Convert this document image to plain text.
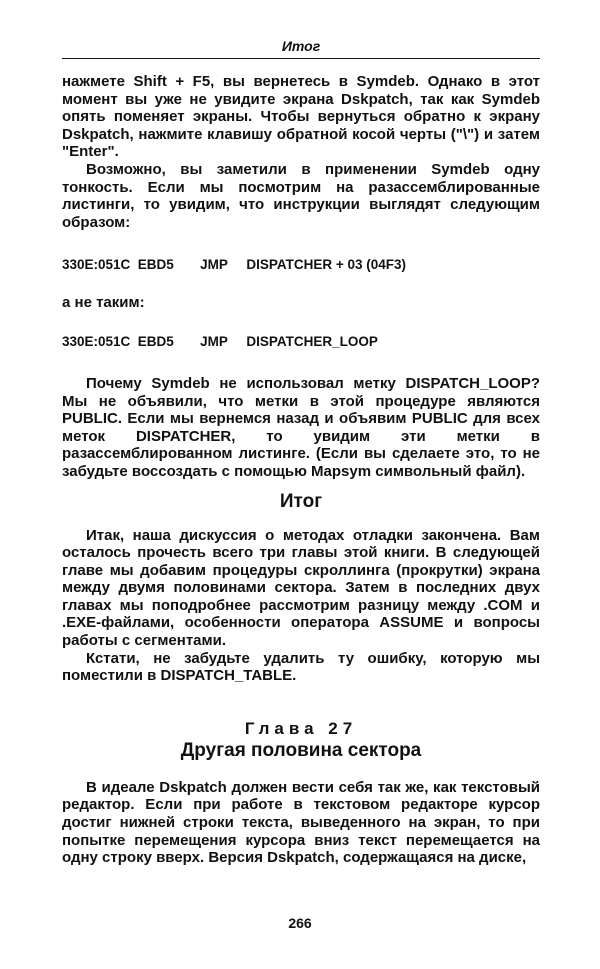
Итог

нажмете Shift + F5, вы вернетесь в Symdeb. Однако в этот момент вы уже не увидите экрана Dskpatch, так как Symdeb опять поменяет экраны. Чтобы вернуться обратно к экрану Dskpatch, нажмите клавишу обратной косой черты ("\") и затем "Enter".

Возможно, вы заметили в применении Symdeb одну тонкость. Если мы посмотрим на разассемблированные листинги, то увидим, что инструкции выглядят следующим образом:

330E:051C  EBD5       JMP     DISPATCHER + 03 (04F3)

а не таким:

330E:051C  EBD5       JMP     DISPATCHER_LOOP

Почему Symdeb не использовал метку DISPATCH_LOOP? Мы не объявили, что метки в этой процедуре являются PUBLIC. Если мы вернемся назад и объявим PUBLIC для всех меток DISPATCHER, то увидим эти метки в разассемблированном листинге. (Если вы сделаете это, то не забудьте воссоздать с помощью Mapsym символьный файл).

Итог

Итак, наша дискуссия о методах отладки закончена. Вам осталось прочесть всего три главы этой книги. В следующей главе мы добавим процедуры скроллинга (прокрутки) экрана между двумя половинами сектора. Затем в последних двух главах мы поподробнее рассмотрим разницу между .COM и .EXE-файлами, особенности оператора ASSUME и вопросы работы с сегментами.

Кстати, не забудьте удалить ту ошибку, которую мы поместили в DISPATCH_TABLE.

Глава 27
Другая половина сектора

В идеале Dskpatch должен вести себя так же, как текстовый редактор. Если при работе в текстовом редакторе курсор достиг нижней строки текста, выведенного на экран, то при попытке перемещения курсора вниз текст перемещается на одну строку вверх. Версия Dskpatch, содержащаяся на диске,

266
